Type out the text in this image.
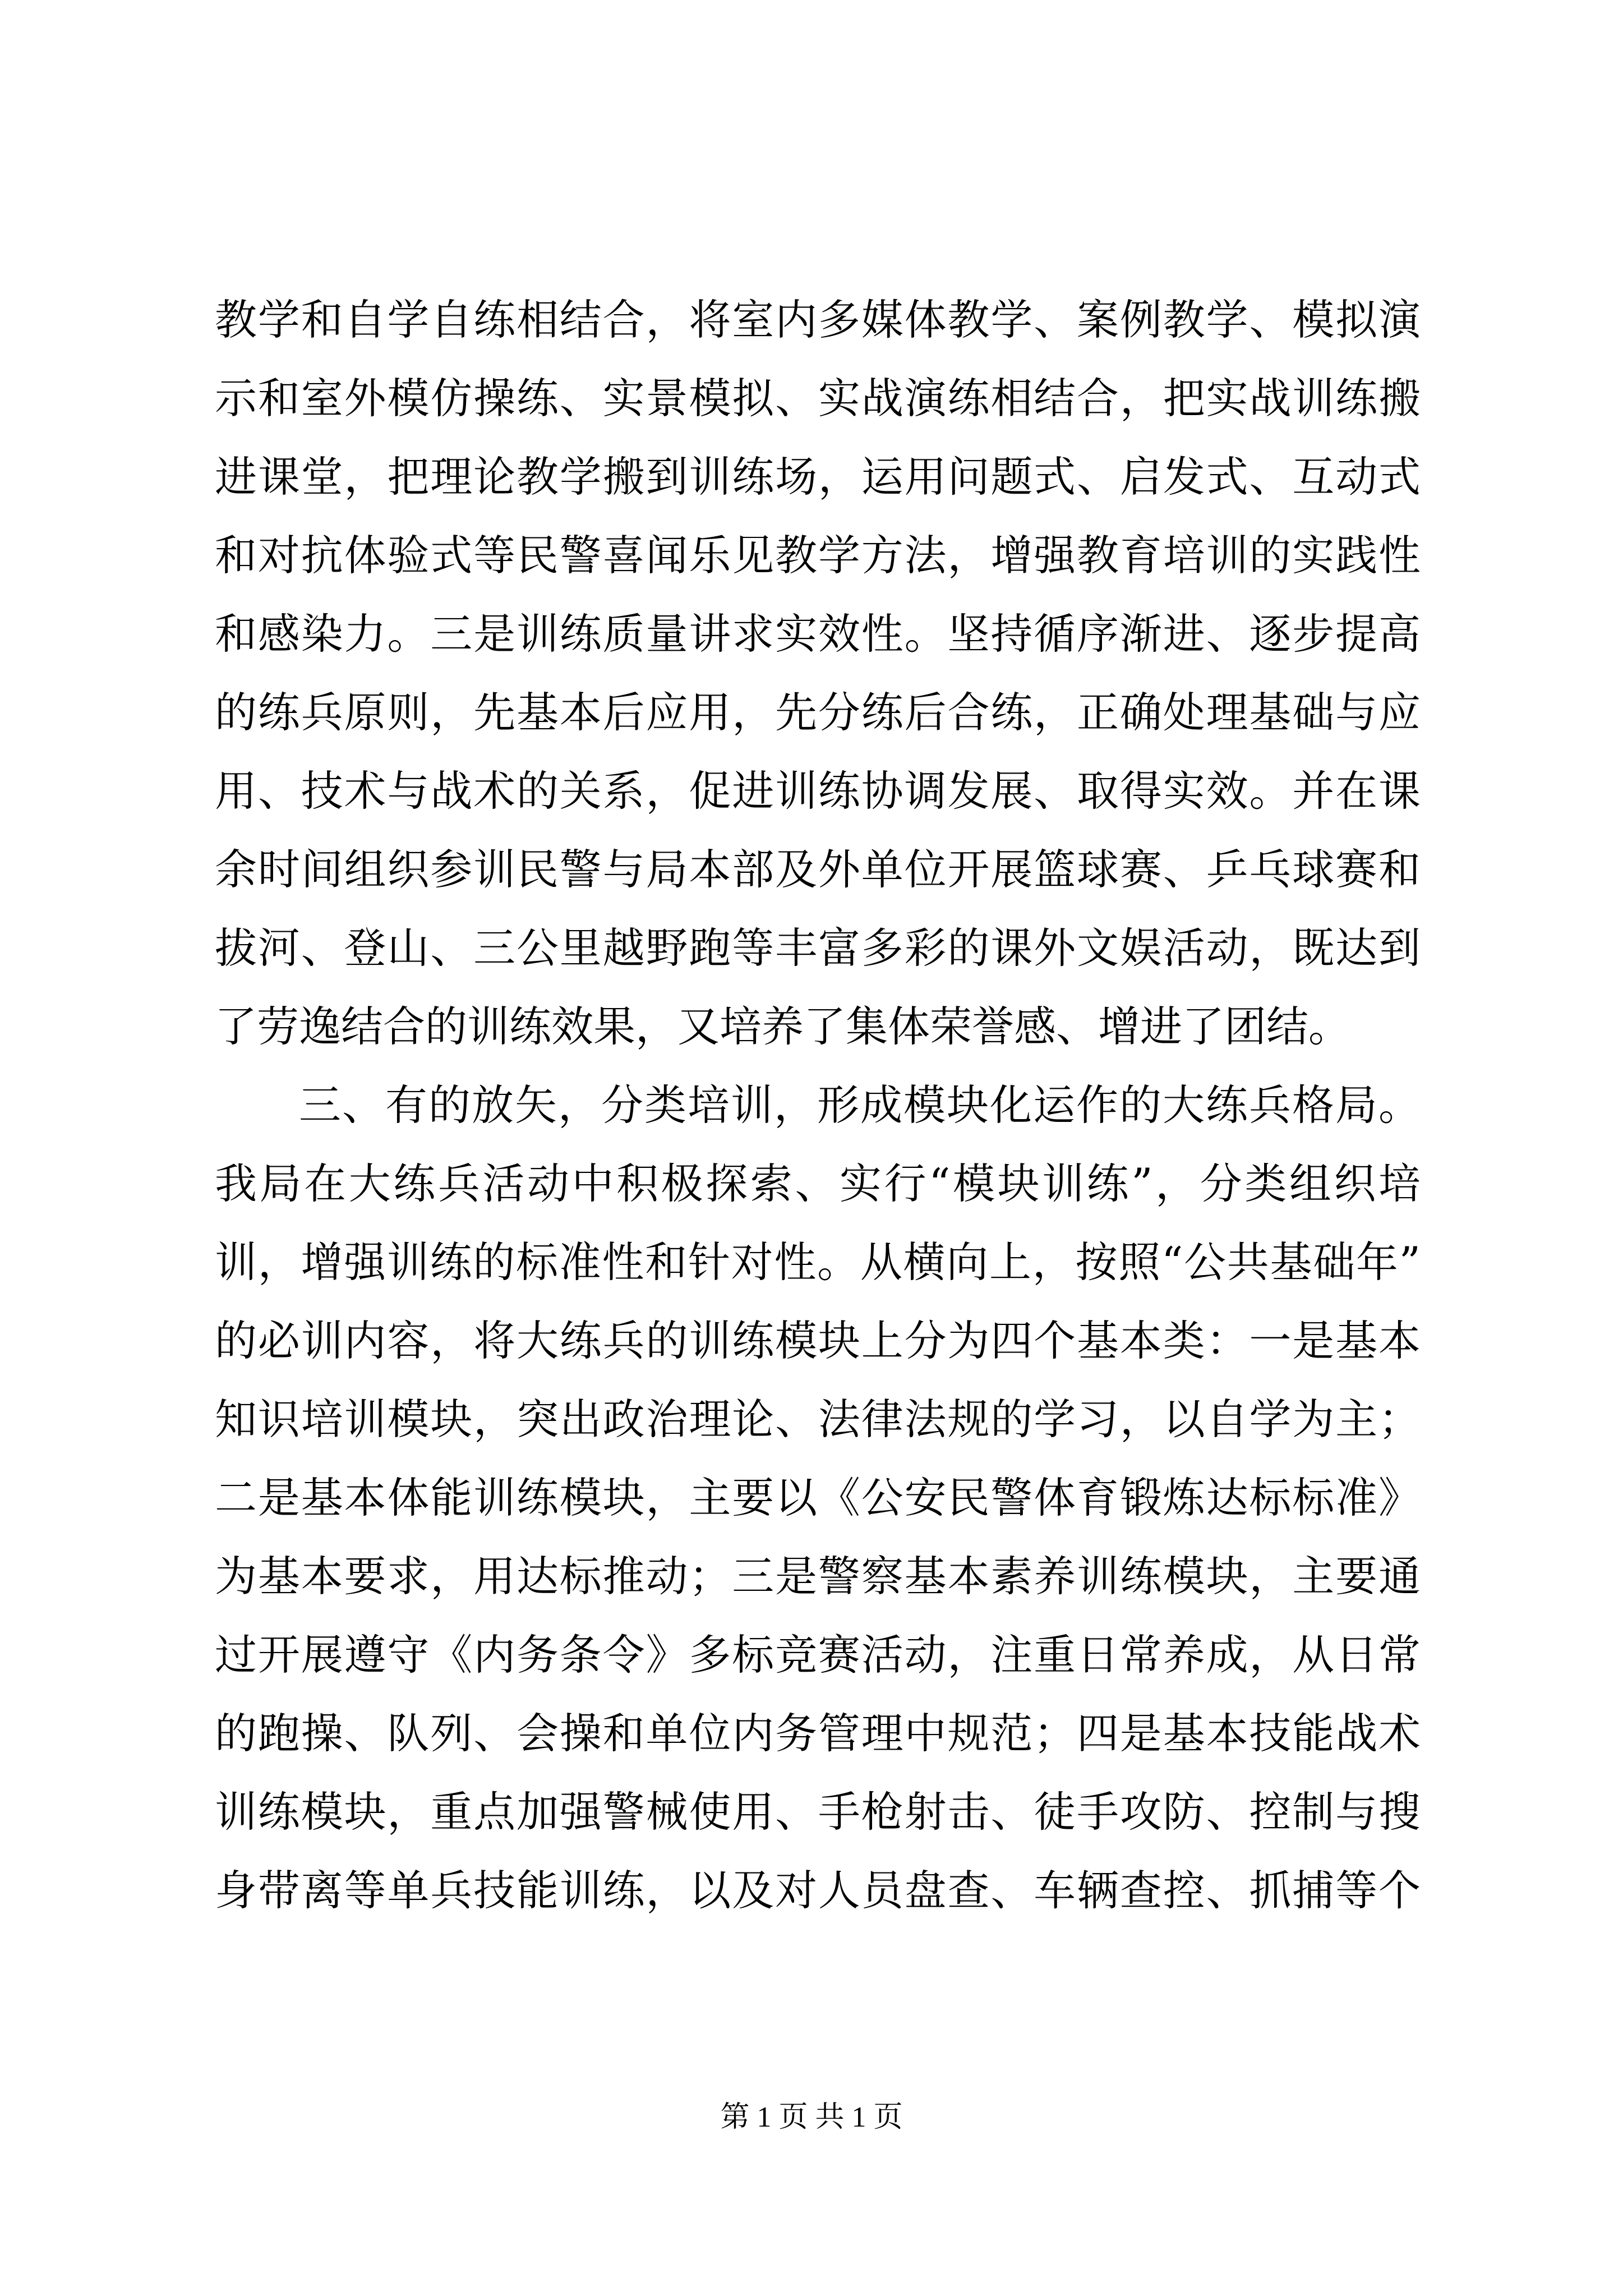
教学和自学自练相结合，将室内多媒体教学、案例教学、模拟演
示和室外模仿操练、实景模拟、实战演练相结合，把实战训练搬
进课堂，把理论教学搬到训练场，运用问题式、启发式、互动式
和对抗体验式等民警喜闻乐见教学方法，增强教育培训的实践性
和感染力。三是训练质量讲求实效性。坚持循序渐进、逐步提高
的练兵原则，先基本后应用，先分练后合练，正确处理基础与应
用、技术与战术的关系，促进训练协调发展、取得实效。并在课
余时间组织参训民警与局本部及外单位开展篮球赛、乒乓球赛和
拔河、登山、三公里越野跑等丰富多彩的课外文娱活动，既达到
了劳逸结合的训练效果，又培养了集体荣誉感、增进了团结。
三、有的放矢，分类培训，形成模块化运作的大练兵格局。
我局在大练兵活动中积极探索、实行“模块训练”，分类组织培
训，增强训练的标准性和针对性。从横向上，按照“公共基础年”
的必训内容，将大练兵的训练模块上分为四个基本类：一是基本
知识培训模块，突出政治理论、法律法规的学习，以自学为主；
二是基本体能训练模块，主要以《公安民警体育锻炼达标标准》
为基本要求，用达标推动；三是警察基本素养训练模块，主要通
过开展遵守《内务条令》多标竞赛活动，注重日常养成，从日常
的跑操、队列、会操和单位内务管理中规范；四是基本技能战术
训练模块，重点加强警械使用、手枪射击、徒手攻防、控制与搜
身带离等单兵技能训练，以及对人员盘查、车辆查控、抓捕等个
第 1 页 共 1 页
